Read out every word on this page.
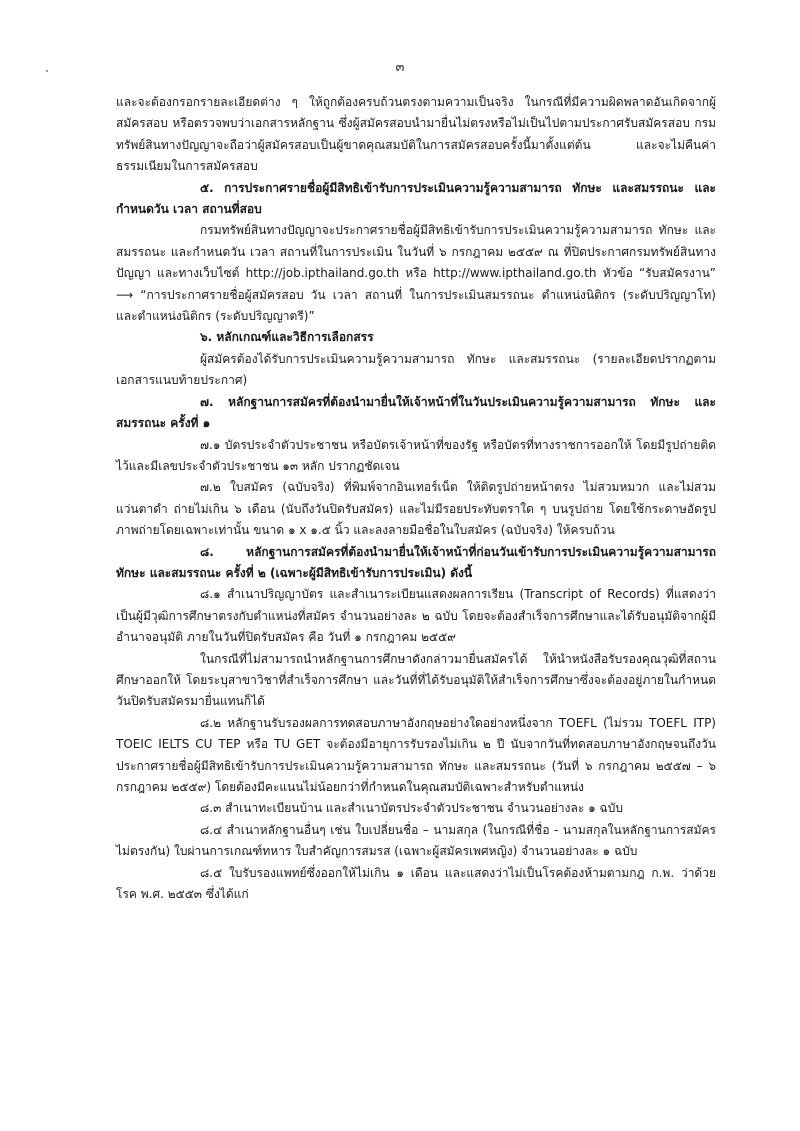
๓

และจะต้องกรอกรายละเอียดต่าง ๆ ให้ถูกต้องครบถ้วนตรงตามความเป็นจริง ในกรณีที่มีความผิดพลาดอันเกิดจากผู้สมัครสอบ หรือตรวจพบว่าเอกสารหลักฐาน ซึ่งผู้สมัครสอบนำมายื่นไม่ตรงหรือไม่เป็นไปตามประกาศรับสมัครสอบ กรมทรัพย์สินทางปัญญาจะถือว่าผู้สมัครสอบเป็นผู้ขาดคุณสมบัติในการสมัครสอบครั้งนี้มาตั้งแต่ต้น และจะไม่คืนค่าธรรมเนียมในการสมัครสอบ

๕. การประกาศรายชื่อผู้มีสิทธิเข้ารับการประเมินความรู้ความสามารถ ทักษะ และสมรรถนะ และกำหนดวัน เวลา สถานที่สอบ

กรมทรัพย์สินทางปัญญาจะประกาศรายชื่อผู้มีสิทธิเข้ารับการประเมินความรู้ความสามารถ ทักษะ และสมรรถนะ และกำหนดวัน เวลา สถานที่ในการประเมิน ในวันที่ ๖ กรกฎาคม ๒๕๕๙ ณ ที่ปิดประกาศกรมทรัพย์สินทางปัญญา และทางเว็บไซต์ http://job.ipthailand.go.th หรือ http://www.ipthailand.go.th หัวข้อ “รับสมัครงาน” ⟶ “การประกาศรายชื่อผู้สมัครสอบ วัน เวลา สถานที่ ในการประเมินสมรรถนะ ตำแหน่งนิติกร (ระดับปริญญาโท) และตำแหน่งนิติกร (ระดับปริญญาตรี)”

๖. หลักเกณฑ์และวิธีการเลือกสรร

ผู้สมัครต้องได้รับการประเมินความรู้ความสามารถ ทักษะ และสมรรถนะ (รายละเอียดปรากฏตามเอกสารแนบท้ายประกาศ)

๗. หลักฐานการสมัครที่ต้องนำมายื่นให้เจ้าหน้าที่ในวันประเมินความรู้ความสามารถ ทักษะ และสมรรถนะ ครั้งที่ ๑

๗.๑ บัตรประจำตัวประชาชน หรือบัตรเจ้าหน้าที่ของรัฐ หรือบัตรที่ทางราชการออกให้ โดยมีรูปถ่ายติดไว้และมีเลขประจำตัวประชาชน ๑๓ หลัก ปรากฏชัดเจน

๗.๒ ใบสมัคร (ฉบับจริง) ที่พิมพ์จากอินเทอร์เน็ต ให้ติดรูปถ่ายหน้าตรง ไม่สวมหมวก และไม่สวมแว่นตาดำ ถ่ายไม่เกิน ๖ เดือน (นับถึงวันปิดรับสมัคร) และไม่มีรอยประทับตราใด ๆ บนรูปถ่าย โดยใช้กระดาษอัดรูปภาพถ่ายโดยเฉพาะเท่านั้น ขนาด ๑ x ๑.๕ นิ้ว และลงลายมือชื่อในใบสมัคร (ฉบับจริง) ให้ครบถ้วน

๘. หลักฐานการสมัครที่ต้องนำมายื่นให้เจ้าหน้าที่ก่อนวันเข้ารับการประเมินความรู้ความสามารถ ทักษะ และสมรรถนะ ครั้งที่ ๒ (เฉพาะผู้มีสิทธิเข้ารับการประเมิน) ดังนี้

๘.๑ สำเนาปริญญาบัตร และสำเนาระเบียนแสดงผลการเรียน (Transcript of Records) ที่แสดงว่าเป็นผู้มีวุฒิการศึกษาตรงกับตำแหน่งที่สมัคร จำนวนอย่างละ ๒ ฉบับ โดยจะต้องสำเร็จการศึกษาและได้รับอนุมัติจากผู้มีอำนาจอนุมัติ ภายในวันที่ปิดรับสมัคร คือ วันที่ ๑ กรกฎาคม ๒๕๕๙

ในกรณีที่ไม่สามารถนำหลักฐานการศึกษาดังกล่าวมายื่นสมัครได้ ให้นำหนังสือรับรองคุณวุฒิที่สถานศึกษาออกให้ โดยระบุสาขาวิชาที่สำเร็จการศึกษา และวันที่ที่ได้รับอนุมัติให้สำเร็จการศึกษาซึ่งจะต้องอยู่ภายในกำหนดวันปิดรับสมัครมายื่นแทนก็ได้

๘.๒ หลักฐานรับรองผลการทดสอบภาษาอังกฤษอย่างใดอย่างหนึ่งจาก TOEFL (ไม่รวม TOEFL ITP) TOEIC IELTS CU TEP หรือ TU GET จะต้องมีอายุการรับรองไม่เกิน ๒ ปี นับจากวันที่ทดสอบภาษาอังกฤษจนถึงวันประกาศรายชื่อผู้มีสิทธิเข้ารับการประเมินความรู้ความสามารถ ทักษะ และสมรรถนะ (วันที่ ๖ กรกฎาคม ๒๕๕๗ – ๖ กรกฎาคม ๒๕๕๙) โดยต้องมีคะแนนไม่น้อยกว่าที่กำหนดในคุณสมบัติเฉพาะสำหรับตำแหน่ง

๘.๓ สำเนาทะเบียนบ้าน และสำเนาบัตรประจำตัวประชาชน จำนวนอย่างละ ๑ ฉบับ

๘.๔ สำเนาหลักฐานอื่นๆ เช่น ใบเปลี่ยนชื่อ – นามสกุล (ในกรณีที่ชื่อ - นามสกุลในหลักฐานการสมัครไม่ตรงกัน) ใบผ่านการเกณฑ์ทหาร ใบสำคัญการสมรส (เฉพาะผู้สมัครเพศหญิง) จำนวนอย่างละ ๑ ฉบับ

๘.๕ ใบรับรองแพทย์ซึ่งออกให้ไม่เกิน ๑ เดือน และแสดงว่าไม่เป็นโรคต้องห้ามตามกฎ ก.พ. ว่าด้วยโรค พ.ศ. ๒๕๕๓ ซึ่งได้แก่
